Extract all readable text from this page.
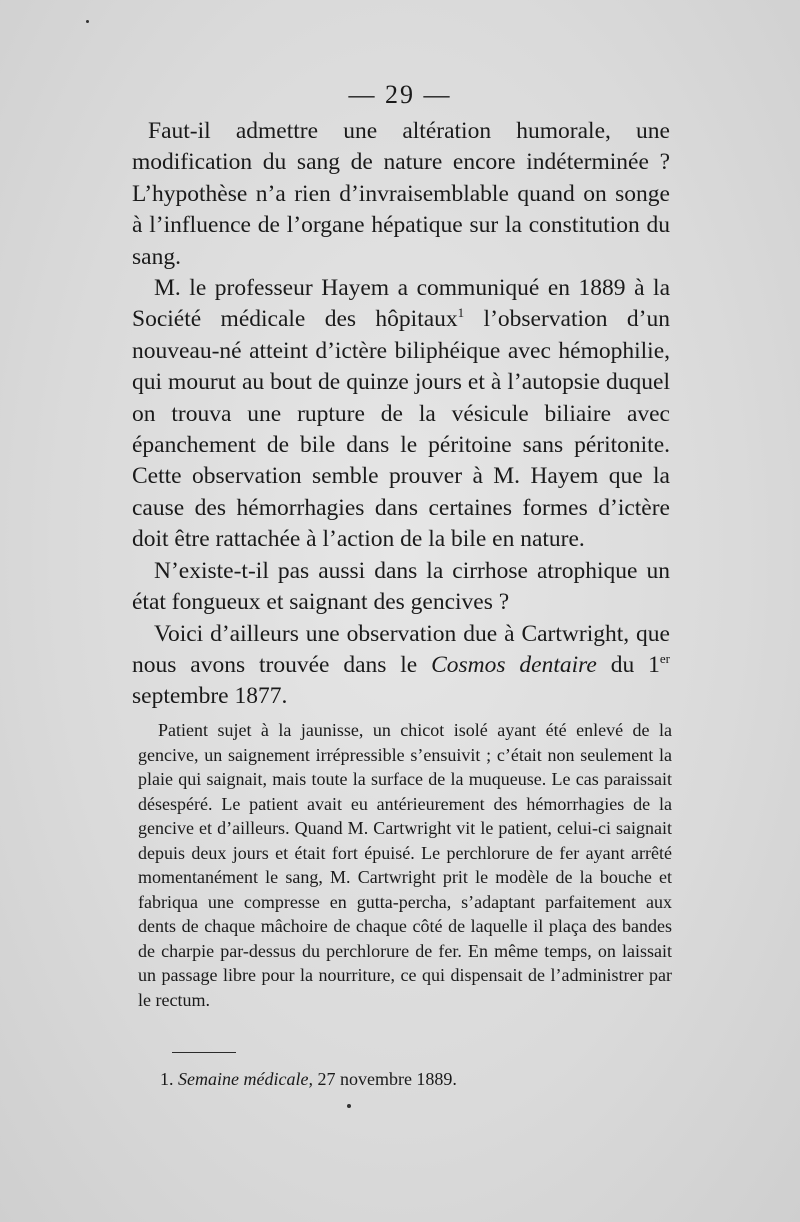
— 29 —

Faut-il admettre une altération humorale, une modification du sang de nature encore indéterminée ? L’hypothèse n’a rien d’invraisemblable quand on songe à l’influence de l’organe hépatique sur la constitution du sang.

M. le professeur Hayem a communiqué en 1889 à la Société médicale des hôpitaux$^1$ l’observation d’un nouveau-né atteint d’ictère biliphéique avec hémophilie, qui mourut au bout de quinze jours et à l’autopsie duquel on trouva une rupture de la vésicule biliaire avec épanchement de bile dans le péritoine sans péritonite. Cette observation semble prouver à M. Hayem que la cause des hémorrhagies dans certaines formes d’ictère doit être rattachée à l’action de la bile en nature.

N’existe-t-il pas aussi dans la cirrhose atrophique un état fongueux et saignant des gencives ?

Voici d’ailleurs une observation due à Cartwright, que nous avons trouvée dans le Cosmos dentaire du 1er septembre 1877.

Patient sujet à la jaunisse, un chicot isolé ayant été enlevé de la gencive, un saignement irrépressible s’ensuivit ; c’était non seulement la plaie qui saignait, mais toute la surface de la muqueuse. Le cas paraissait désespéré. Le patient avait eu antérieurement des hémorrhagies de la gencive et d’ailleurs. Quand M. Cartwright vit le patient, celui-ci saignait depuis deux jours et était fort épuisé. Le perchlorure de fer ayant arrêté momentanément le sang, M. Cartwright prit le modèle de la bouche et fabriqua une compresse en gutta-percha, s’adaptant parfaitement aux dents de chaque mâchoire de chaque côté de laquelle il plaça des bandes de charpie par-dessus du perchlorure de fer. En même temps, on laissait un passage libre pour la nourriture, ce qui dispensait de l’administrer par le rectum.

1. Semaine médicale, 27 novembre 1889.
